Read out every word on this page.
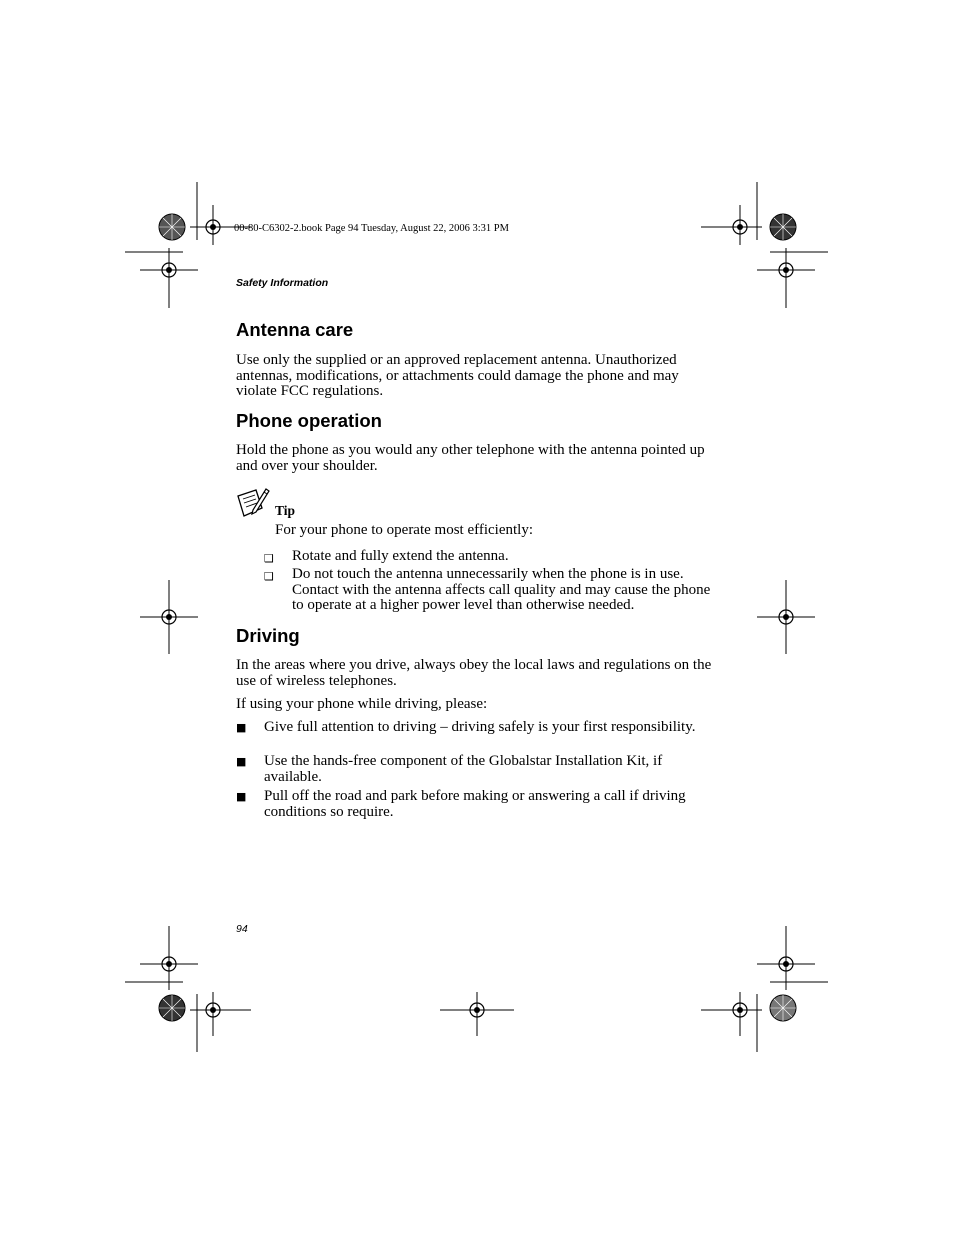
00-80-C6302-2.book Page 94 Tuesday, August 22, 2006 3:31 PM
Safety Information
Antenna care
Use only the supplied or an approved replacement antenna. Unauthorized antennas, modifications, or attachments could damage the phone and may violate FCC regulations.
Phone operation
Hold the phone as you would any other telephone with the antenna pointed up and over your shoulder.
Tip
For your phone to operate most efficiently:
❑ Rotate and fully extend the antenna.
❑ Do not touch the antenna unnecessarily when the phone is in use. Contact with the antenna affects call quality and may cause the phone to operate at a higher power level than otherwise needed.
Driving
In the areas where you drive, always obey the local laws and regulations on the use of wireless telephones.
If using your phone while driving, please:
■ Give full attention to driving – driving safely is your first responsibility.
■ Use the hands-free component of the Globalstar Installation Kit, if available.
■ Pull off the road and park before making or answering a call if driving conditions so require.
94
